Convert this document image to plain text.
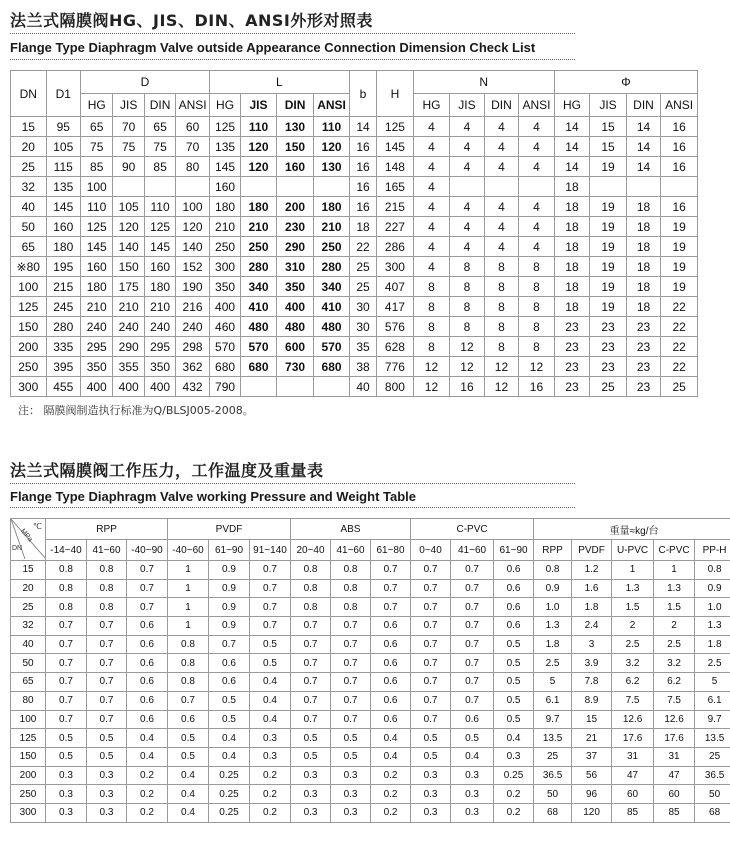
法兰式隔膜阀HG、JIS、DIN、ANSI外形对照表
Flange Type Diaphragm Valve outside Appearance Connection Dimension Check List
DN	D1	D				L				b	H	N				Φ			
		HG	JIS	DIN	ANSI	HG	JIS	DIN	ANSI			HG	JIS	DIN	ANSI	HG	JIS	DIN	ANSI
15	95	65	70	65	60	125	110	130	110	14	125	4	4	4	4	14	15	14	16
20	105	75	75	75	70	135	120	150	120	16	145	4	4	4	4	14	15	14	16
25	115	85	90	85	80	145	120	160	130	16	148	4	4	4	4	14	19	14	16
32	135	100				160				16	165	4				18			
40	145	110	105	110	100	180	180	200	180	16	215	4	4	4	4	18	19	18	16
50	160	125	120	125	120	210	210	230	210	18	227	4	4	4	4	18	19	18	19
65	180	145	140	145	140	250	250	290	250	22	286	4	4	4	4	18	19	18	19
※80	195	160	150	160	152	300	280	310	280	25	300	4	8	8	8	18	19	18	19
100	215	180	175	180	190	350	340	350	340	25	407	8	8	8	8	18	19	18	19
125	245	210	210	210	216	400	410	400	410	30	417	8	8	8	8	18	19	18	22
150	280	240	240	240	240	460	480	480	480	30	576	8	8	8	8	23	23	23	22
200	335	295	290	295	298	570	570	600	570	35	628	8	12	8	8	23	23	23	22
250	395	350	355	350	362	680	680	730	680	38	776	12	12	12	12	23	23	23	22
300	455	400	400	400	432	790				40	800	12	16	12	16	23	25	23	25
注： 隔膜阀制造执行标准为Q/BLSJ005-2008。
法兰式隔膜阀工作压力，工作温度及重量表
Flange Type Diaphragm Valve working Pressure and Weight Table
℃
MPa
DN	RPP			PVDF			ABS			C-PVC			重量≈kg/台				
	-14~40	41~60	-40~90	-40~60	61~90	91~140	20~40	41~60	61~80	0~40	41~60	61~90	RPP	PVDF	U-PVC	C-PVC	PP-H
15	0.8	0.8	0.7	1	0.9	0.7	0.8	0.8	0.7	0.7	0.7	0.6	0.8	1.2	1	1	0.8
20	0.8	0.8	0.7	1	0.9	0.7	0.8	0.8	0.7	0.7	0.7	0.6	0.9	1.6	1.3	1.3	0.9
25	0.8	0.8	0.7	1	0.9	0.7	0.8	0.8	0.7	0.7	0.7	0.6	1.0	1.8	1.5	1.5	1.0
32	0.7	0.7	0.6	1	0.9	0.7	0.7	0.7	0.6	0.7	0.7	0.6	1.3	2.4	2	2	1.3
40	0.7	0.7	0.6	0.8	0.7	0.5	0.7	0.7	0.6	0.7	0.7	0.5	1.8	3	2.5	2.5	1.8
50	0.7	0.7	0.6	0.8	0.6	0.5	0.7	0.7	0.6	0.7	0.7	0.5	2.5	3.9	3.2	3.2	2.5
65	0.7	0.7	0.6	0.8	0.6	0.4	0.7	0.7	0.6	0.7	0.7	0.5	5	7.8	6.2	6.2	5
80	0.7	0.7	0.6	0.7	0.5	0.4	0.7	0.7	0.6	0.7	0.7	0.5	6.1	8.9	7.5	7.5	6.1
100	0.7	0.7	0.6	0.6	0.5	0.4	0.7	0.7	0.6	0.7	0.6	0.5	9.7	15	12.6	12.6	9.7
125	0.5	0.5	0.4	0.5	0.4	0.3	0.5	0.5	0.4	0.5	0.5	0.4	13.5	21	17.6	17.6	13.5
150	0.5	0.5	0.4	0.5	0.4	0.3	0.5	0.5	0.4	0.5	0.4	0.3	25	37	31	31	25
200	0.3	0.3	0.2	0.4	0.25	0.2	0.3	0.3	0.2	0.3	0.3	0.25	36.5	56	47	47	36.5
250	0.3	0.3	0.2	0.4	0.25	0.2	0.3	0.3	0.2	0.3	0.3	0.2	50	96	60	60	50
300	0.3	0.3	0.2	0.4	0.25	0.2	0.3	0.3	0.2	0.3	0.3	0.2	68	120	85	85	68
